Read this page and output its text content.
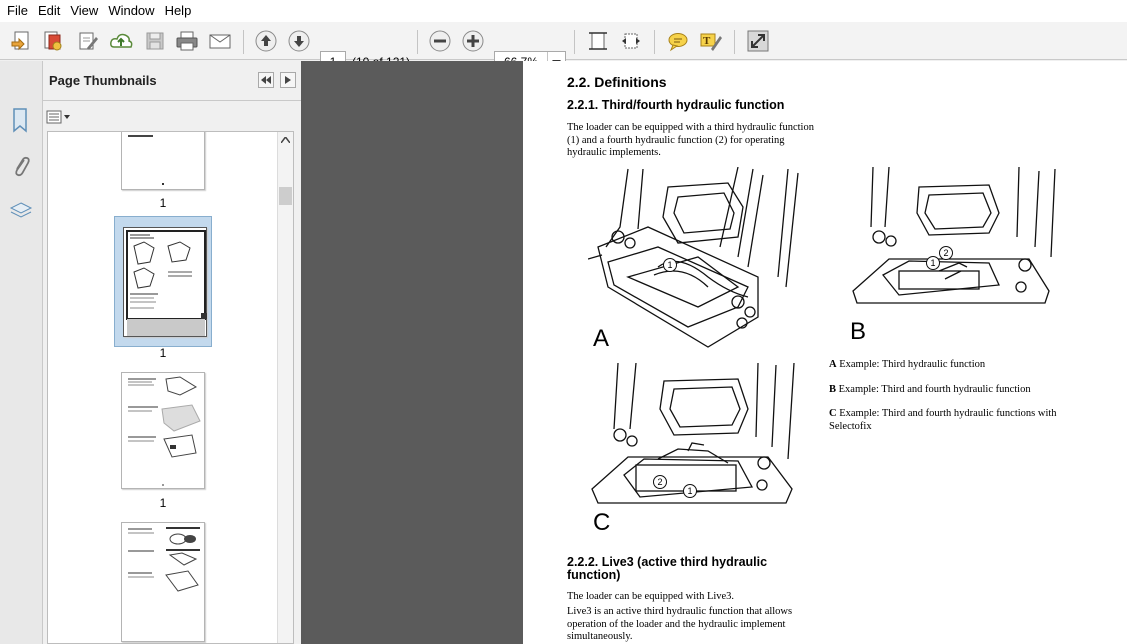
File Edit View Window Help
T
Page Thumbnails
1
1
1
2.2. Definitions
2.2.1. Third/fourth hydraulic function
The loader can be equipped with a third hydraulic function
(1) and a fourth hydraulic function (2) for operating
hydraulic implements.
1
A
1
2
B
2
1
C
A Example: Third hydraulic function
B Example: Third and fourth hydraulic function
C Example: Third and fourth hydraulic functions with
Selectofix
2.2.2. Live3 (active third hydraulic
function)
The loader can be equipped with Live3.
Live3 is an active third hydraulic function that allows
operation of the loader and the hydraulic implement
simultaneously.
